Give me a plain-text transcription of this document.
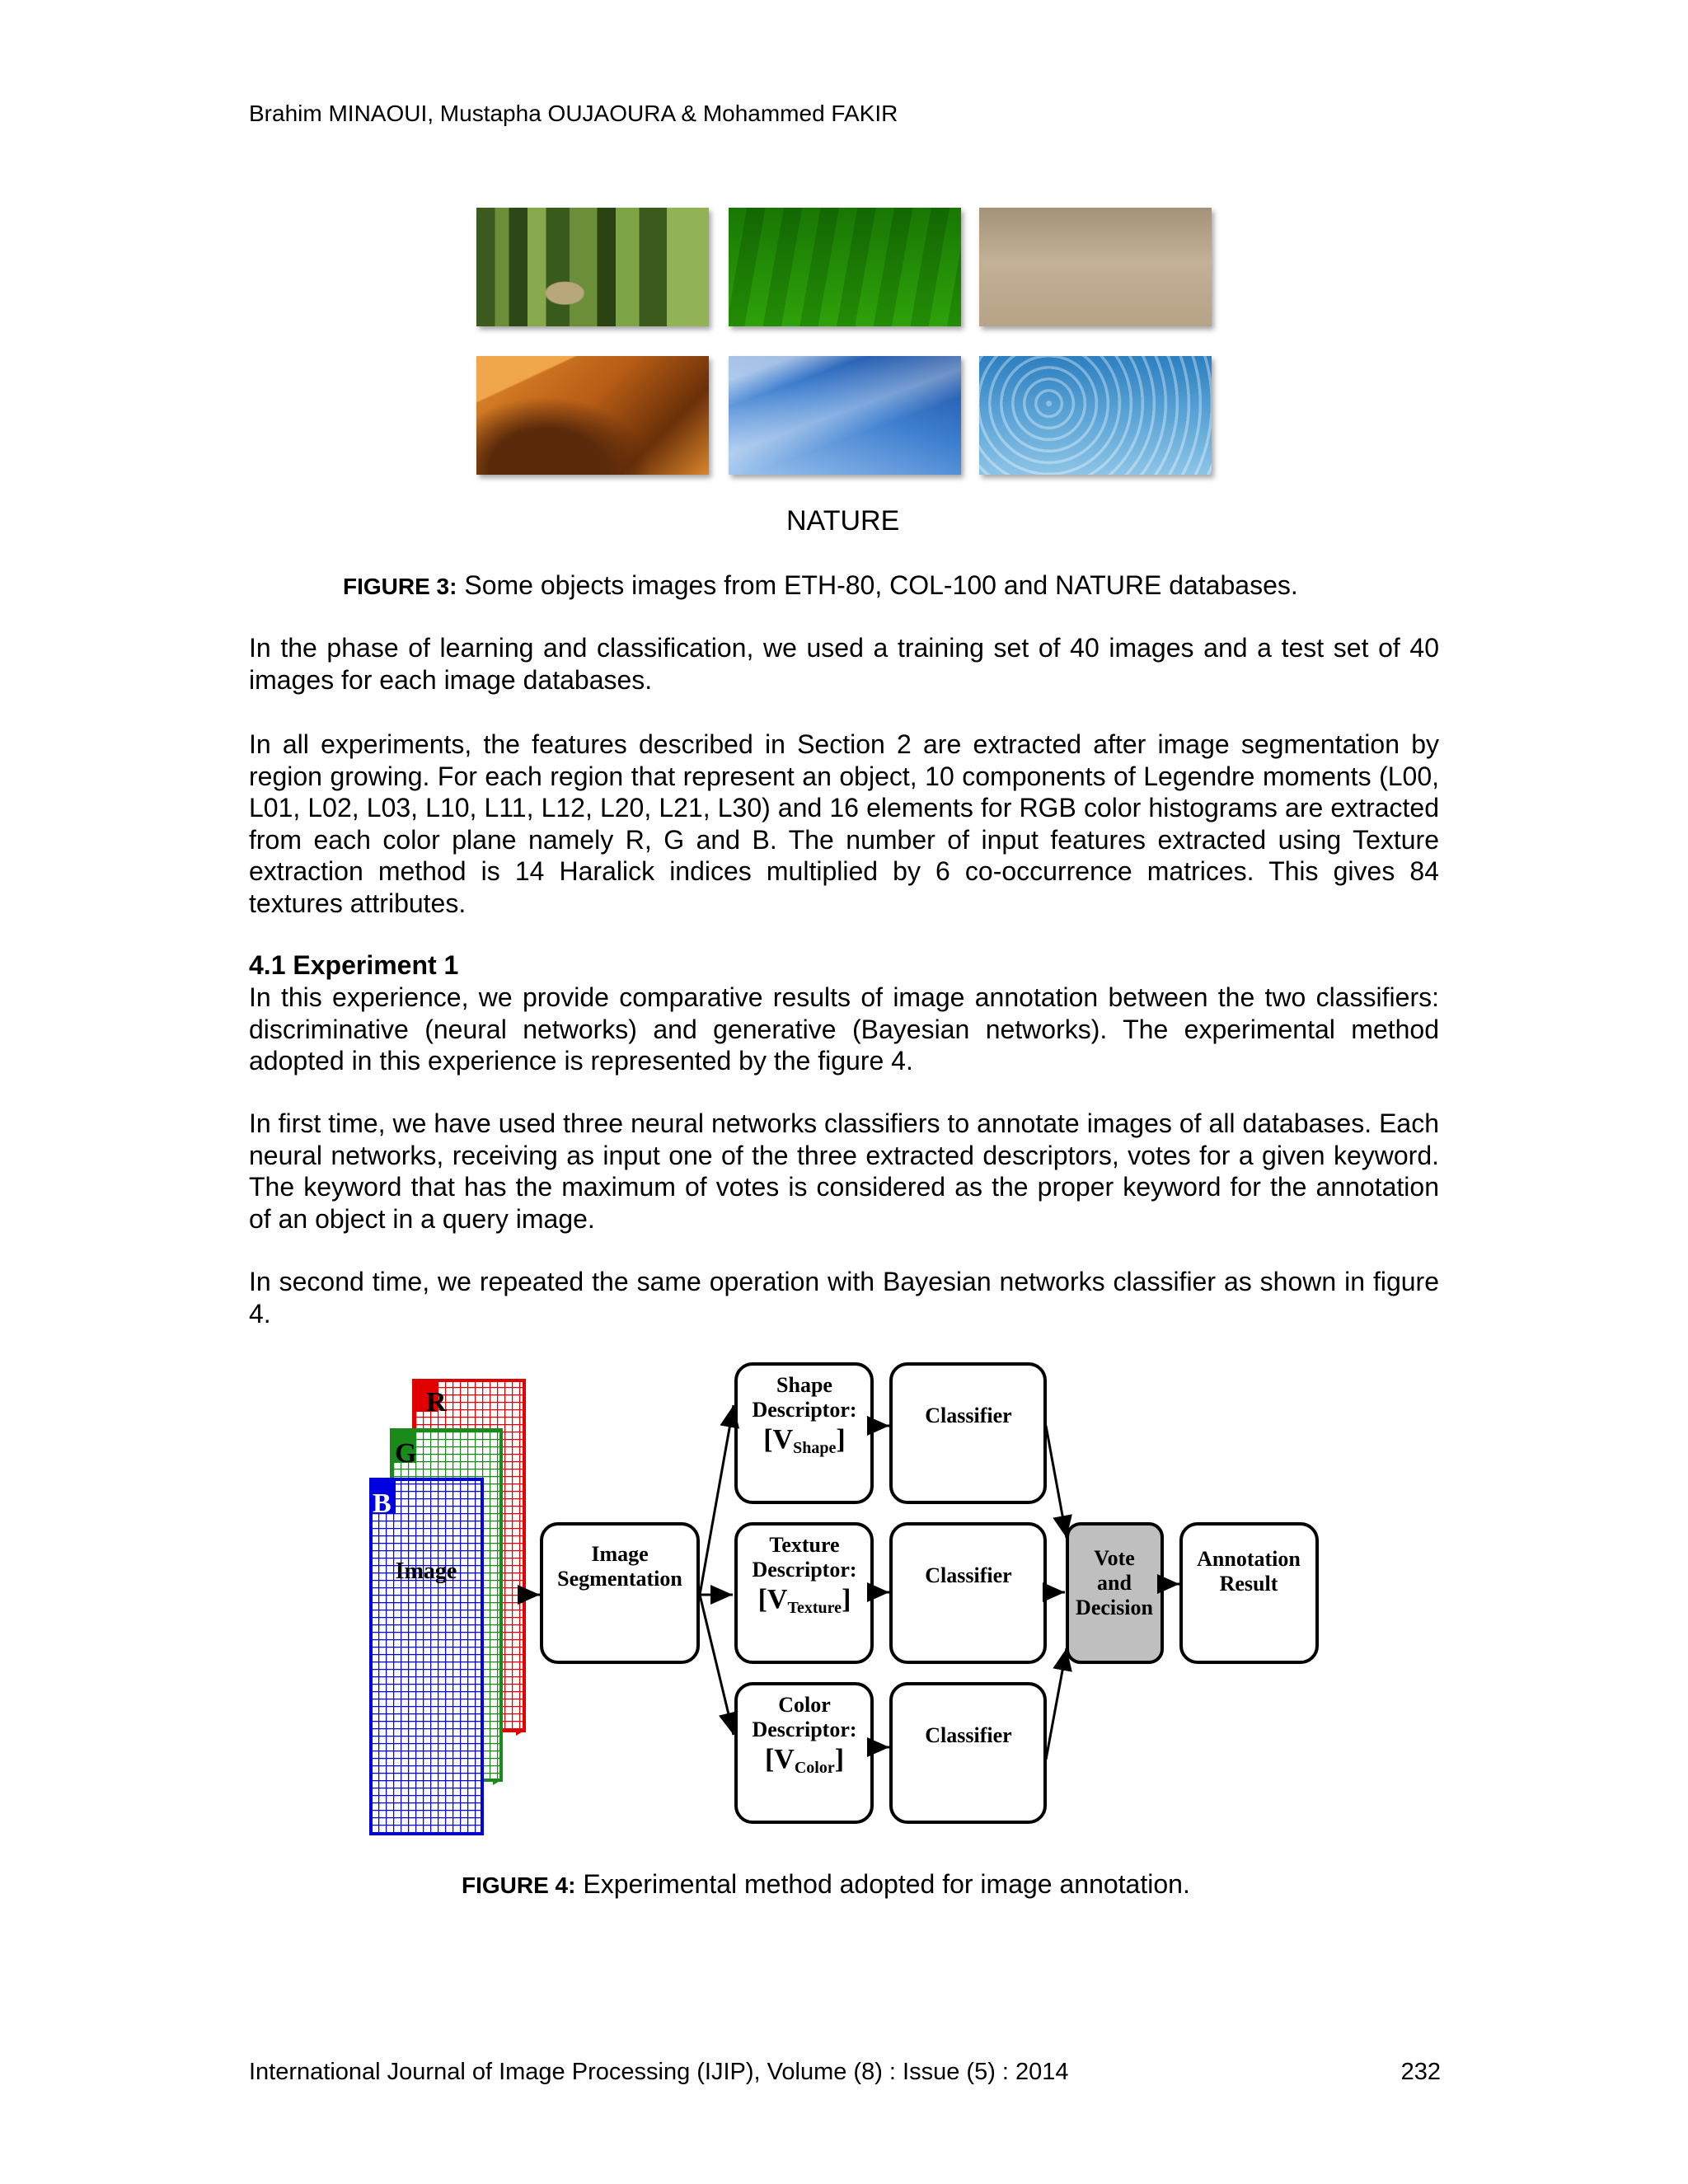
Brahim MINAOUI, Mustapha OUJAOURA & Mohammed FAKIR
NATURE
FIGURE 3: Some objects images from ETH-80, COL-100 and NATURE databases.
In the phase of learning and classification, we used a training set of 40 images and a test set of 40 images for each image databases.
In all experiments, the features described in Section 2 are extracted after image segmentation by region growing. For each region that represent an object, 10 components of Legendre moments (L00, L01, L02, L03, L10, L11, L12, L20, L21, L30) and 16 elements for RGB color histograms are extracted from each color plane namely R, G and B. The number of input features extracted using Texture extraction method is 14 Haralick indices multiplied by 6 co-occurrence matrices. This gives 84 textures attributes.
4.1 Experiment 1
In this experience, we provide comparative results of image annotation between the two classifiers: discriminative (neural networks) and generative (Bayesian networks). The experimental method adopted in this experience is represented by the figure 4.
In first time, we have used three neural networks classifiers to annotate images of all databases. Each neural networks, receiving as input one of the three extracted descriptors, votes for a given keyword. The keyword that has the maximum of votes is considered as the proper keyword for the annotation of an object in a query image.
In second time, we repeated the same operation with Bayesian networks classifier as shown in figure 4.
R
G
B
Image
Image
Segmentation
Shape
Descriptor:
[VShape]
Texture
Descriptor:
[VTexture]
Color
Descriptor:
[VColor]
Classifier
Classifier
Classifier
Vote
and
Decision
Annotation
Result
FIGURE 4: Experimental method adopted for image annotation.
International Journal of Image Processing (IJIP), Volume (8) : Issue (5) : 2014	232
